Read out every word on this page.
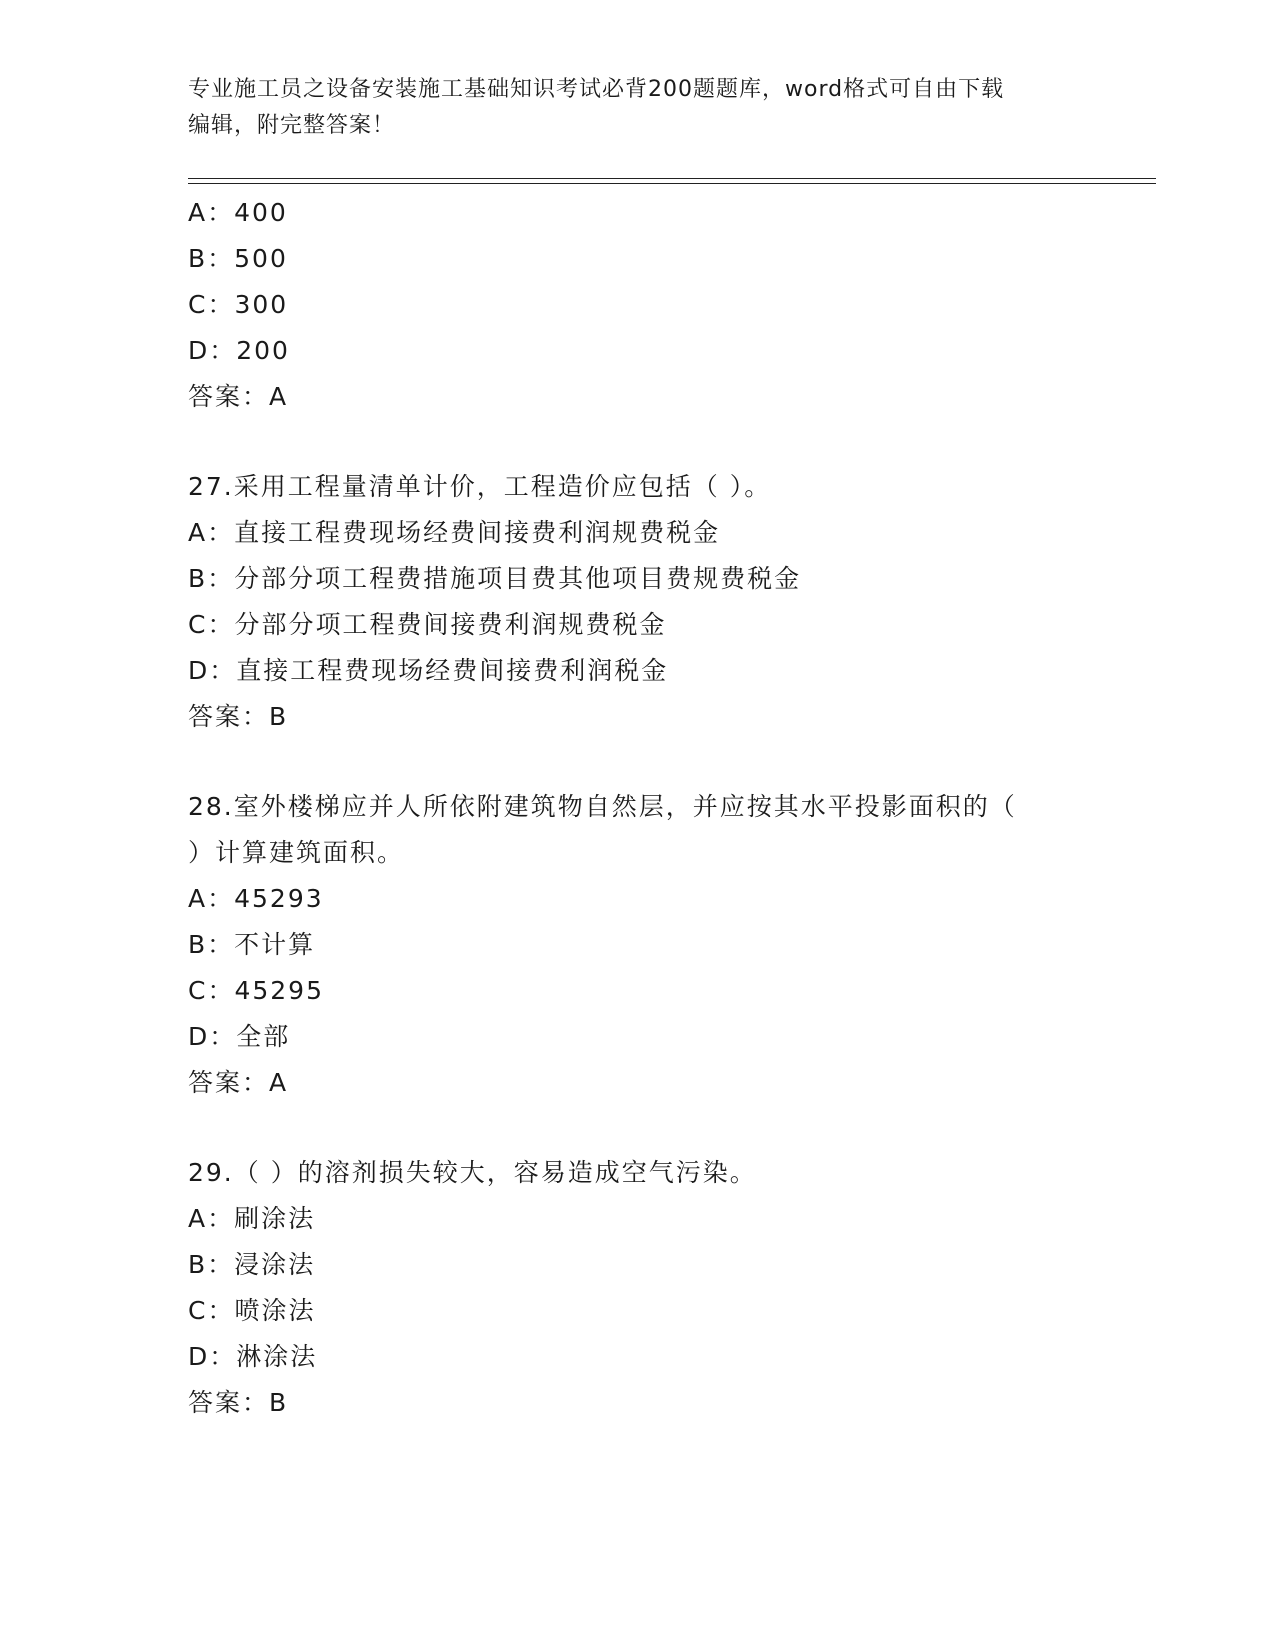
专业施工员之设备安装施工基础知识考试必背200题题库，word格式可自由下载
编辑，附完整答案！
A：400
B：500
C：300
D：200
答案：A
27.采用工程量清单计价，工程造价应包括（ ）。
A：直接工程费现场经费间接费利润规费税金
B：分部分项工程费措施项目费其他项目费规费税金
C：分部分项工程费间接费利润规费税金
D：直接工程费现场经费间接费利润税金
答案：B
28.室外楼梯应并人所依附建筑物自然层，并应按其水平投影面积的（
）计算建筑面积。
A：45293
B：不计算
C：45295
D：全部
答案：A
29.（ ）的溶剂损失较大，容易造成空气污染。
A：刷涂法
B：浸涂法
C：喷涂法
D：淋涂法
答案：B
